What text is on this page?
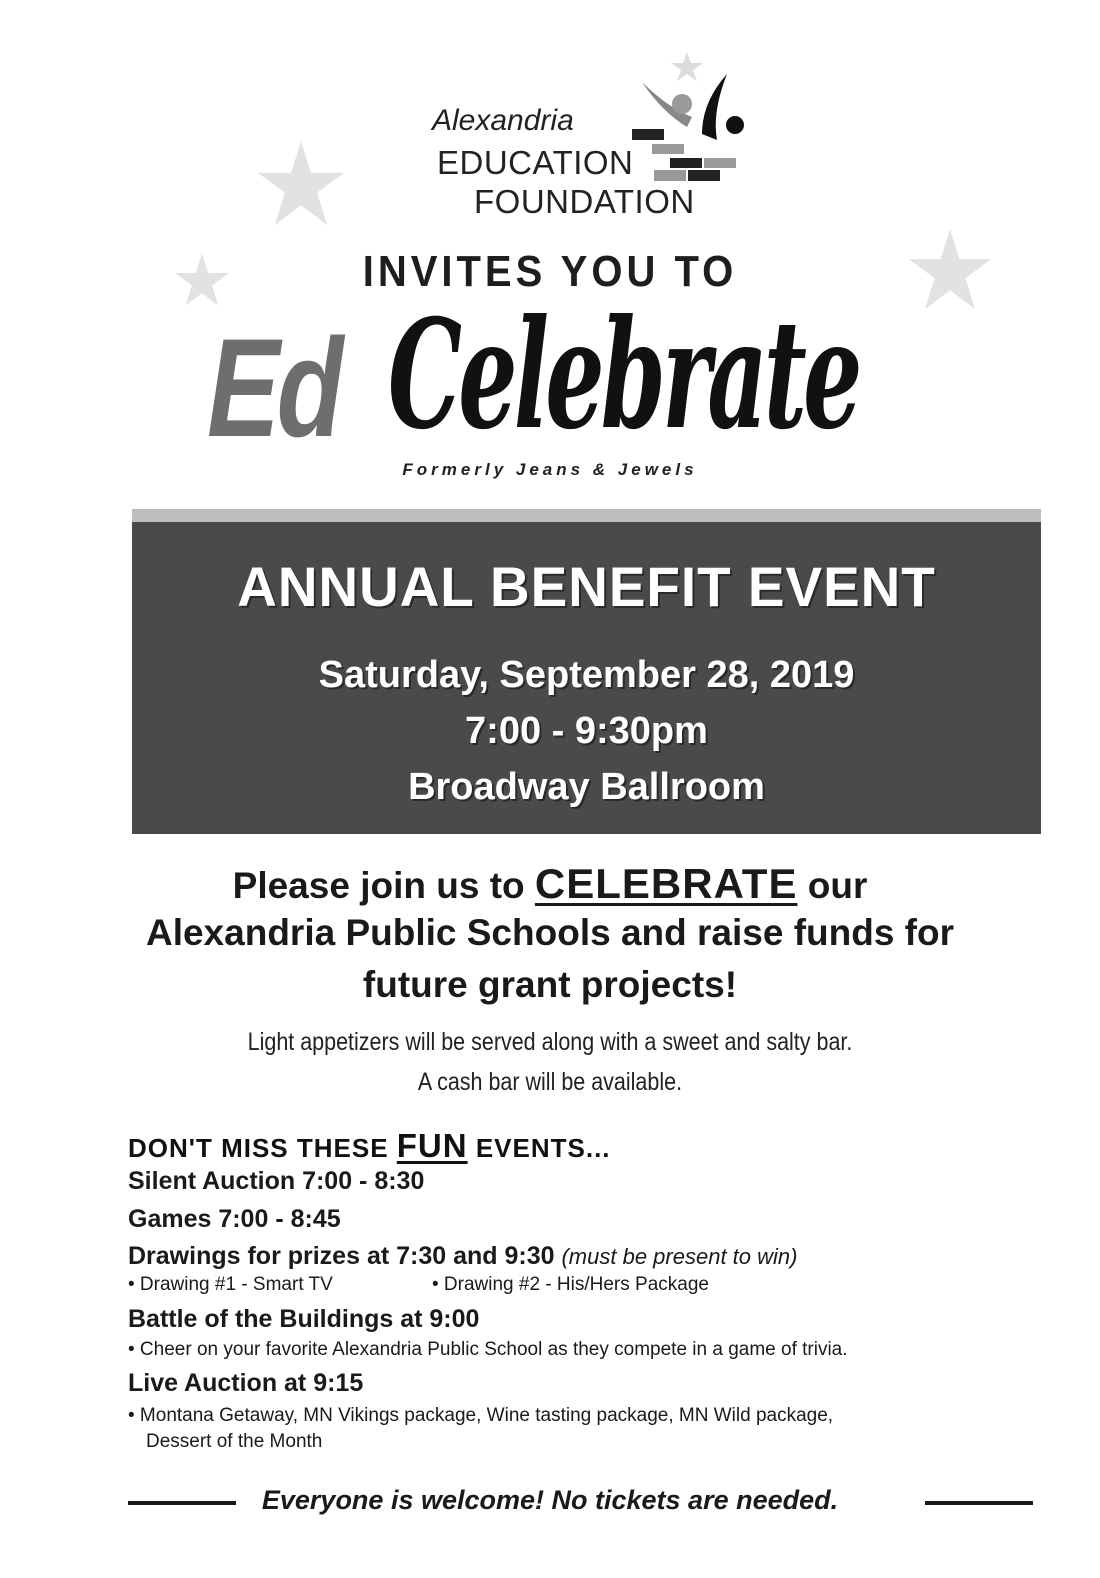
Alexandria
EDUCATION
FOUNDATION
INVITES YOU TO
Ed Celebrate
Formerly Jeans & Jewels
ANNUAL BENEFIT EVENT
Saturday, September 28, 2019
7:00 - 9:30pm
Broadway Ballroom
Please join us to CELEBRATE our
Alexandria Public Schools and raise funds for
future grant projects!
Light appetizers will be served along with a sweet and salty bar.
A cash bar will be available.
DON'T MISS THESE FUN EVENTS...
Silent Auction 7:00 - 8:30
Games 7:00 - 8:45
Drawings for prizes at 7:30 and 9:30 (must be present to win)
• Drawing #1 - Smart TV	• Drawing #2 - His/Hers Package
Battle of the Buildings at 9:00
• Cheer on your favorite Alexandria Public School as they compete in a game of trivia.
Live Auction at 9:15
• Montana Getaway, MN Vikings package, Wine tasting package, MN Wild package,
Dessert of the Month
Everyone is welcome! No tickets are needed.
